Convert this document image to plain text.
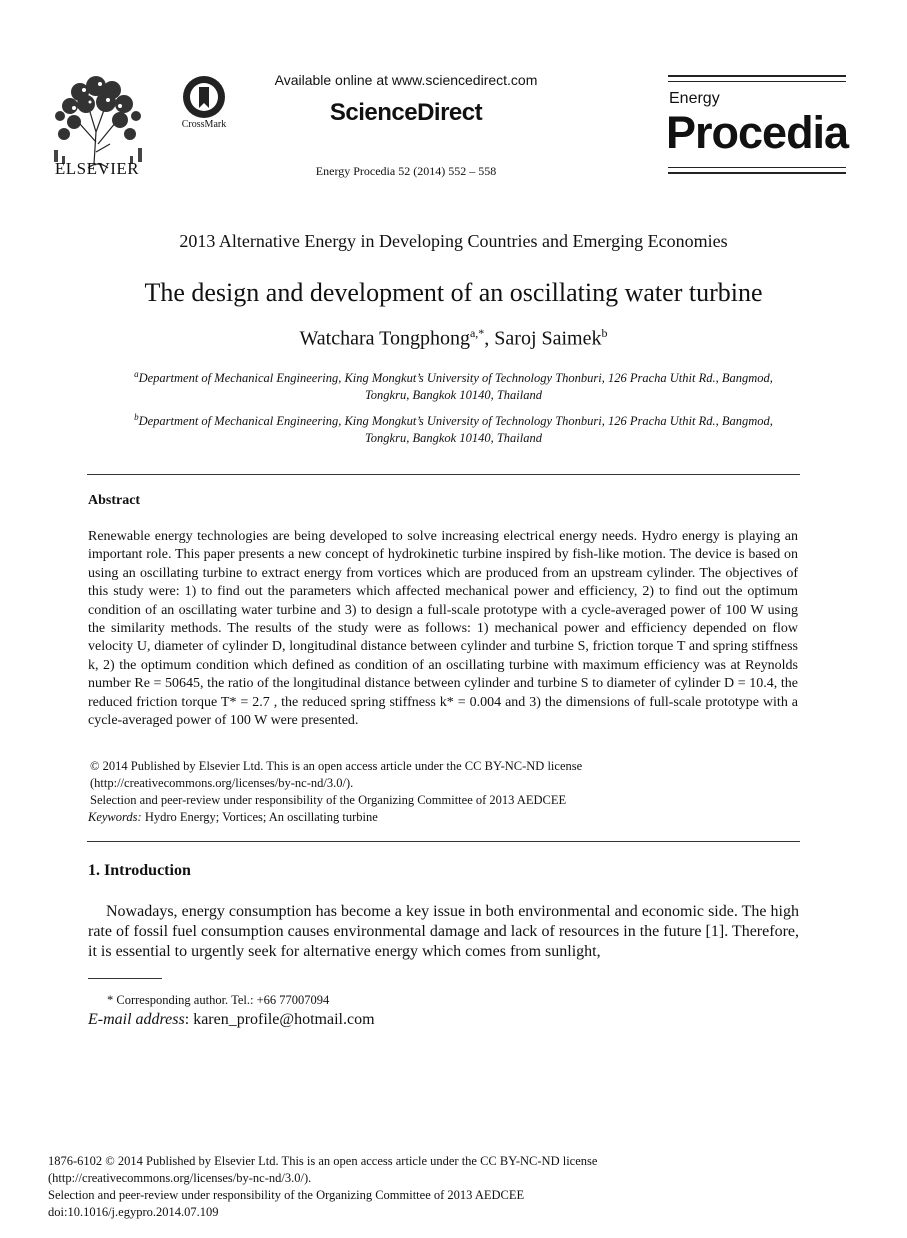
ELSEVIER
CrossMark
Available online at www.sciencedirect.com
ScienceDirect
Energy Procedia 52 (2014) 552 – 558
Energy
Procedia
2013 Alternative Energy in Developing Countries and Emerging Economies
The design and development of an oscillating water turbine
Watchara Tongphong$^{a,*}$, Saroj Saimek$^b$
$^a$Department of Mechanical Engineering, King Mongkut’s University of Technology Thonburi, 126 Pracha Uthit Rd., Bangmod,
Tongkru, Bangkok 10140, Thailand
$^b$Department of Mechanical Engineering, King Mongkut’s University of Technology Thonburi, 126 Pracha Uthit Rd., Bangmod,
Tongkru, Bangkok 10140, Thailand
Abstract
Renewable energy technologies are being developed to solve increasing electrical energy needs. Hydro energy is playing an important role. This paper presents a new concept of hydrokinetic turbine inspired by fish-like motion. The device is based on using an oscillating turbine to extract energy from vortices which are produced from an upstream cylinder. The objectives of this study were: 1) to find out the parameters which affected mechanical power and efficiency, 2) to find out the optimum condition of an oscillating water turbine and 3) to design a full-scale prototype with a cycle-averaged power of 100 W using the similarity methods. The results of the study were as follows: 1) mechanical power and efficiency depended on flow velocity U, diameter of cylinder D, longitudinal distance between cylinder and turbine S, friction torque T and spring stiffness k, 2) the optimum condition which defined as condition of an oscillating turbine with maximum efficiency was at Reynolds number Re = 50645, the ratio of the longitudinal distance between cylinder and turbine S to diameter of cylinder D = 10.4, the reduced friction torque T* = 2.7 , the reduced spring stiffness k* = 0.004 and 3) the dimensions of full-scale prototype with a cycle-averaged power of 100 W were presented.
© 2014 Published by Elsevier Ltd. This is an open access article under the CC BY-NC-ND license
(http://creativecommons.org/licenses/by-nc-nd/3.0/).
Selection and peer-review under responsibility of the Organizing Committee of 2013 AEDCEE
Keywords: Hydro Energy; Vortices; An oscillating turbine
1. Introduction
Nowadays, energy consumption has become a key issue in both environmental and economic side. The high rate of fossil fuel consumption causes environmental damage and lack of resources in the future [1]. Therefore, it is essential to urgently seek for alternative energy which comes from sunlight,
* Corresponding author. Tel.: +66 77007094
E-mail address: karen_profile@hotmail.com
1876-6102 © 2014 Published by Elsevier Ltd. This is an open access article under the CC BY-NC-ND license
(http://creativecommons.org/licenses/by-nc-nd/3.0/).
Selection and peer-review under responsibility of the Organizing Committee of 2013 AEDCEE
doi:10.1016/j.egypro.2014.07.109
